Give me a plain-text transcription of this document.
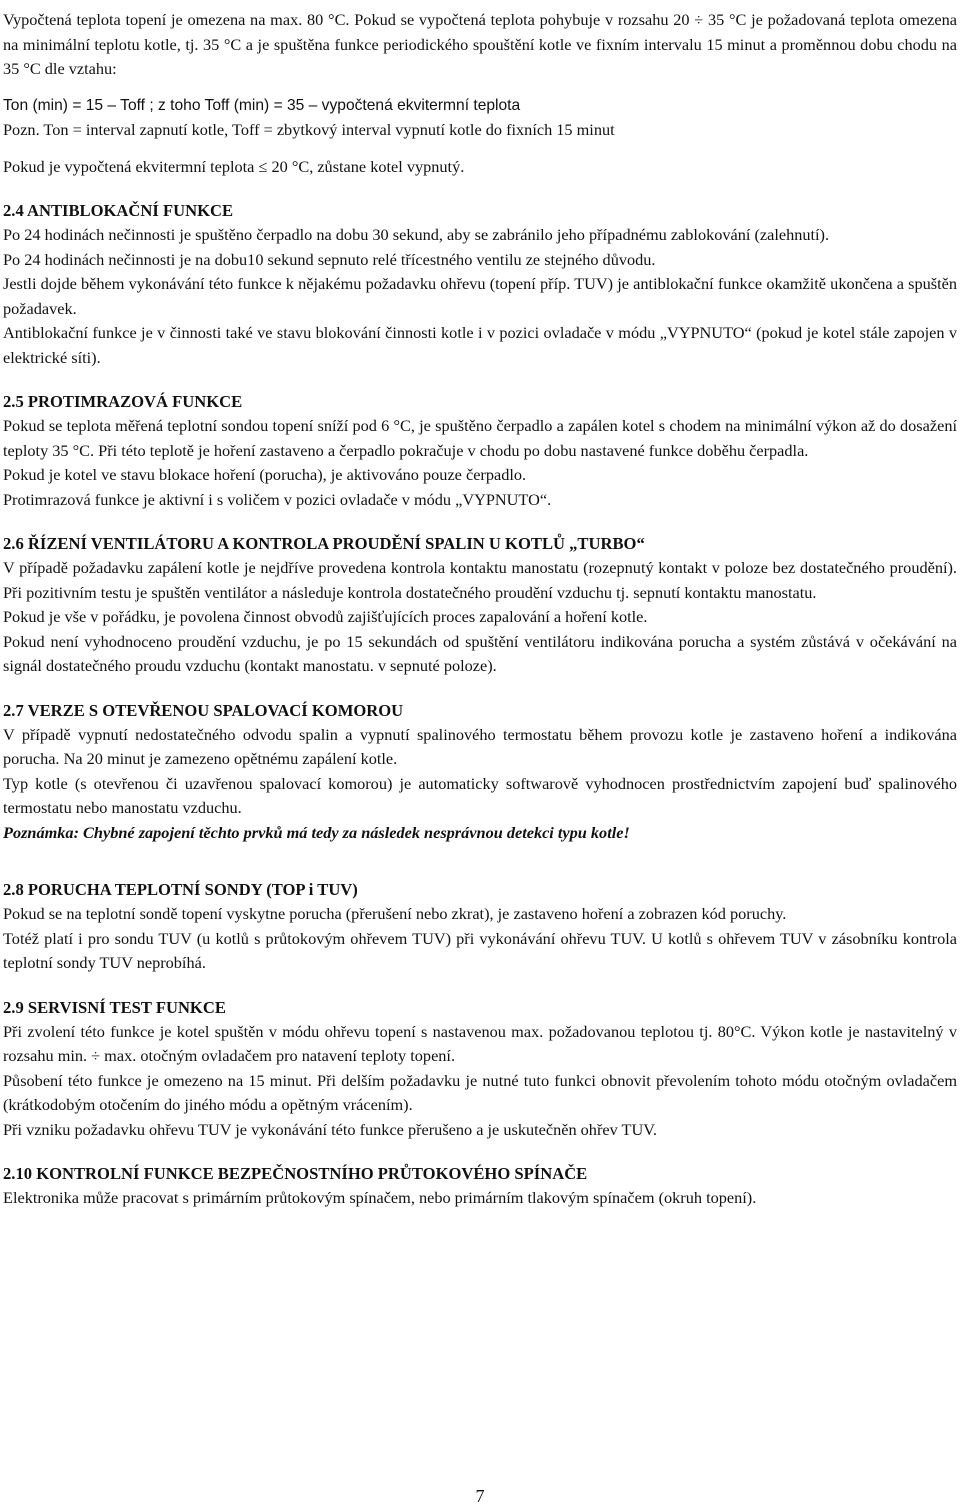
Vypočtená teplota topení je omezena na max. 80 °C. Pokud se vypočtená teplota pohybuje v rozsahu 20 ÷ 35 °C je požadovaná teplota omezena na minimální teplotu kotle, tj. 35 °C a je spuštěna funkce periodického spouštění kotle ve fixním intervalu 15 minut a proměnnou dobu chodu na 35 °C dle vztahu:

Ton (min) = 15 – Toff ; z toho Toff (min) = 35 – vypočtená ekvitermní teplota

Pozn. Ton = interval zapnutí kotle, Toff = zbytkový interval vypnutí kotle do fixních 15 minut

Pokud je vypočtená ekvitermní teplota ≤ 20 °C, zůstane kotel vypnutý.

2.4 ANTIBLOKAČNÍ FUNKCE

Po 24 hodinách nečinnosti je spuštěno čerpadlo na dobu 30 sekund, aby se zabránilo jeho případnému zablokování (zalehnutí).

Po 24 hodinách nečinnosti je na dobu10 sekund sepnuto relé třícestného ventilu ze stejného důvodu.

Jestli dojde během vykonávání této funkce k nějakému požadavku ohřevu (topení příp. TUV) je antiblokační funkce okamžitě ukončena a spuštěn požadavek.

Antiblokační funkce je v činnosti také ve stavu blokování činnosti kotle i v pozici ovladače v módu „VYPNUTO“ (pokud je kotel stále zapojen v elektrické síti).

2.5 PROTIMRAZOVÁ FUNKCE

Pokud se teplota měřená teplotní sondou topení sníží pod 6 °C, je spuštěno čerpadlo a zapálen kotel s chodem na minimální výkon až do dosažení teploty 35 °C. Při této teplotě je hoření zastaveno a čerpadlo pokračuje v chodu po dobu nastavené funkce doběhu čerpadla.

Pokud je kotel ve stavu blokace hoření (porucha), je aktivováno pouze čerpadlo.

Protimrazová funkce je aktivní i s voličem v pozici ovladače v módu „VYPNUTO“.

2.6 ŘÍZENÍ VENTILÁTORU A KONTROLA PROUDĚNÍ SPALIN U KOTLŮ „TURBO“

V případě požadavku zapálení kotle je nejdříve provedena kontrola kontaktu manostatu (rozepnutý kontakt v poloze bez dostatečného proudění). Při pozitivním testu je spuštěn ventilátor a následuje kontrola dostatečného proudění vzduchu tj. sepnutí kontaktu manostatu.

Pokud je vše v pořádku, je povolena činnost obvodů zajišťujících proces zapalování a hoření kotle.

Pokud není vyhodnoceno proudění vzduchu, je po 15 sekundách od spuštění ventilátoru indikována porucha a systém zůstává v očekávání na signál dostatečného proudu vzduchu (kontakt manostatu. v sepnuté poloze).

2.7 VERZE S OTEVŘENOU SPALOVACÍ KOMOROU

V případě vypnutí nedostatečného odvodu spalin a vypnutí spalinového termostatu během provozu kotle je zastaveno hoření a indikována porucha. Na 20 minut je zamezeno opětnému zapálení kotle.

Typ kotle (s otevřenou či uzavřenou spalovací komorou) je automaticky softwarově vyhodnocen prostřednictvím zapojení buď spalinového termostatu nebo manostatu vzduchu.

Poznámka: Chybné zapojení těchto prvků má tedy za následek nesprávnou detekci typu kotle!

2.8 PORUCHA TEPLOTNÍ SONDY (TOP i TUV)

Pokud se na teplotní sondě topení vyskytne porucha (přerušení nebo zkrat), je zastaveno hoření a zobrazen kód poruchy.

Totéž platí i pro sondu TUV (u kotlů s průtokovým ohřevem TUV) při vykonávání ohřevu TUV. U kotlů s ohřevem TUV v zásobníku kontrola teplotní sondy TUV neprobíhá.

2.9 SERVISNÍ TEST FUNKCE

Při zvolení této funkce je kotel spuštěn v módu ohřevu topení s nastavenou max. požadovanou teplotou tj. 80°C. Výkon kotle je nastavitelný v rozsahu min. ÷ max. otočným ovladačem pro natavení teploty topení.

Působení této funkce je omezeno na 15 minut. Při delším požadavku je nutné tuto funkci obnovit převolením tohoto módu otočným ovladačem (krátkodobým otočením do jiného módu a opětným vrácením).

Při vzniku požadavku ohřevu TUV je vykonávání této funkce přerušeno a je uskutečněn ohřev TUV.

2.10 KONTROLNÍ FUNKCE BEZPEČNOSTNÍHO PRŮTOKOVÉHO SPÍNAČE

Elektronika může pracovat s primárním průtokovým spínačem, nebo primárním tlakovým spínačem (okruh topení).

7
